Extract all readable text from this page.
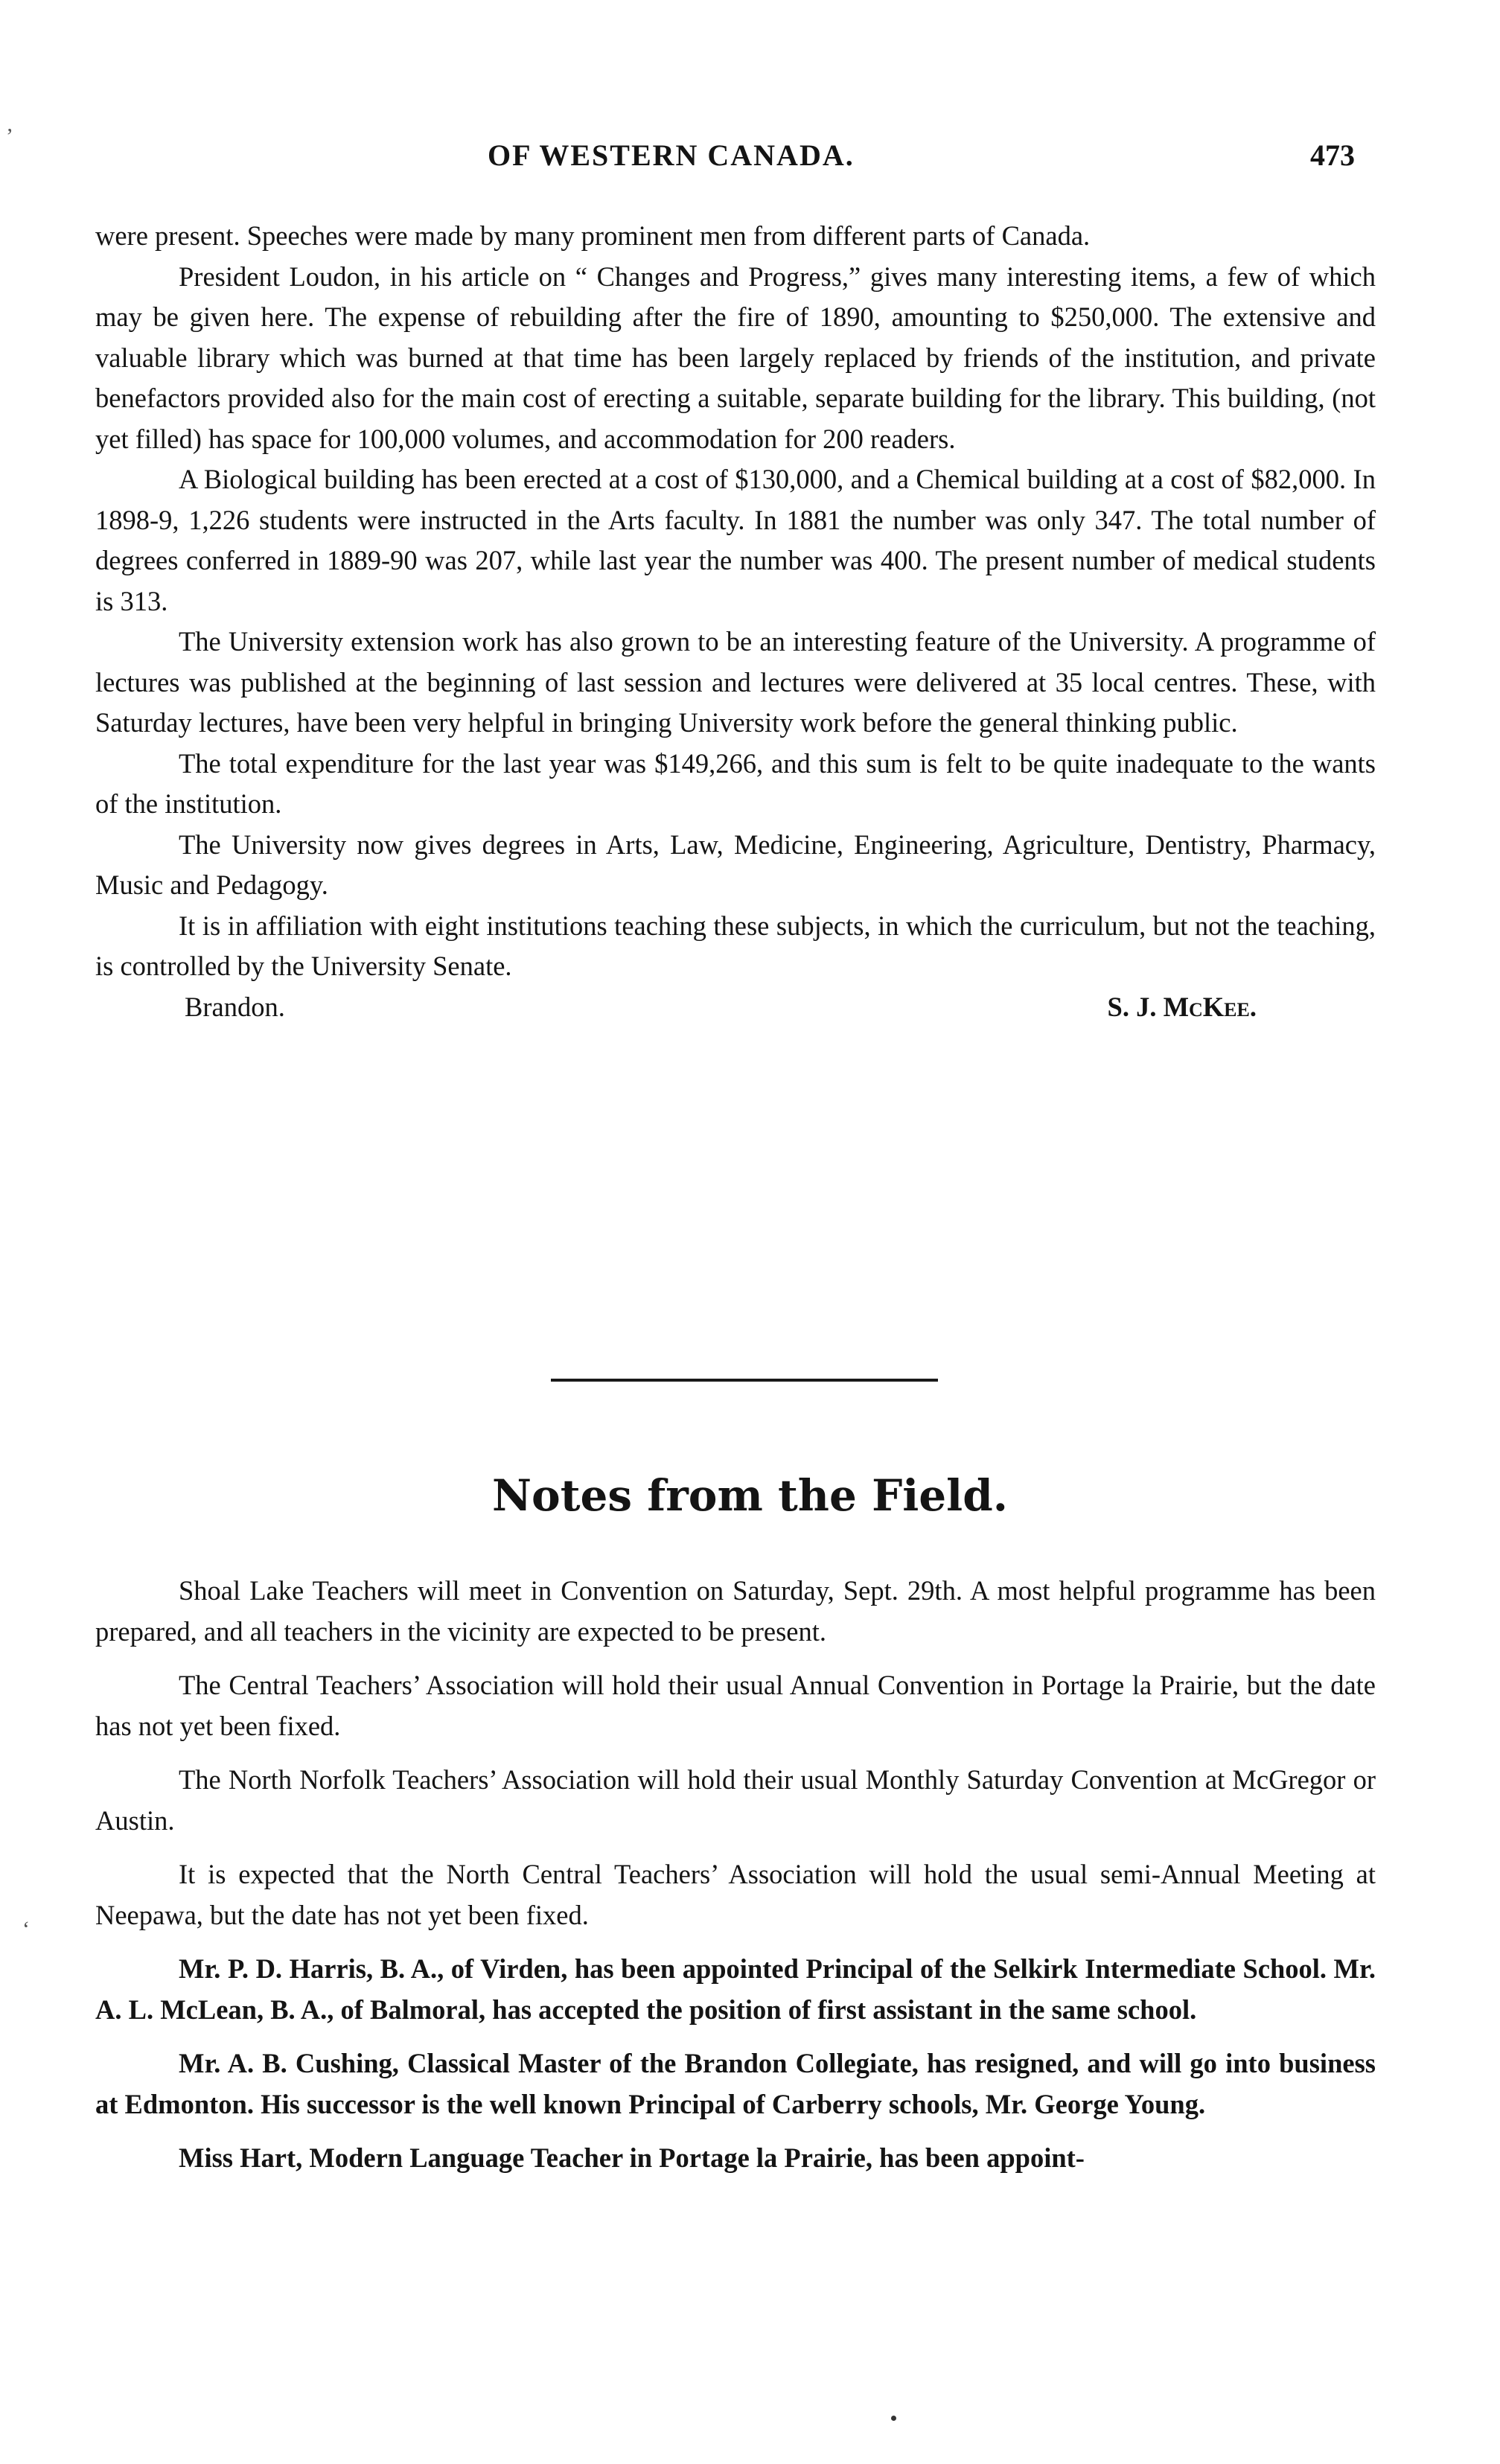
‚
‘
OF WESTERN CANADA.	473

were present. Speeches were made by many prominent men from different parts of Canada.

President Loudon, in his article on “ Changes and Progress,” gives many interesting items, a few of which may be given here. The expense of rebuilding after the fire of 1890, amounting to $250,000. The extensive and valuable library which was burned at that time has been largely replaced by friends of the institution, and private benefactors provided also for the main cost of erecting a suitable, separate building for the library. This building, (not yet filled) has space for 100,000 volumes, and accommodation for 200 readers.

A Biological building has been erected at a cost of $130,000, and a Chemical building at a cost of $82,000. In 1898-9, 1,226 students were instructed in the Arts faculty. In 1881 the number was only 347. The total number of degrees conferred in 1889-90 was 207, while last year the number was 400. The present number of medical students is 313.

The University extension work has also grown to be an interesting feature of the University. A programme of lectures was published at the beginning of last session and lectures were delivered at 35 local centres. These, with Saturday lectures, have been very helpful in bringing University work before the general thinking public.

The total expenditure for the last year was $149,266, and this sum is felt to be quite inadequate to the wants of the institution.

The University now gives degrees in Arts, Law, Medicine, Engineering, Agriculture, Dentistry, Pharmacy, Music and Pedagogy.

It is in affiliation with eight institutions teaching these subjects, in which the curriculum, but not the teaching, is controlled by the University Senate.

Brandon.	S. J. McKee.
Notes from the Field.

Shoal Lake Teachers will meet in Convention on Saturday, Sept. 29th. A most helpful programme has been prepared, and all teachers in the vicinity are expected to be present.

The Central Teachers’ Association will hold their usual Annual Convention in Portage la Prairie, but the date has not yet been fixed.

The North Norfolk Teachers’ Association will hold their usual Monthly Saturday Convention at McGregor or Austin.

It is expected that the North Central Teachers’ Association will hold the usual semi-Annual Meeting at Neepawa, but the date has not yet been fixed.

Mr. P. D. Harris, B. A., of Virden, has been appointed Principal of the Selkirk Intermediate School. Mr. A. L. McLean, B. A., of Balmoral, has accepted the position of first assistant in the same school.

Mr. A. B. Cushing, Classical Master of the Brandon Collegiate, has resigned, and will go into business at Edmonton. His successor is the well known Principal of Carberry schools, Mr. George Young.

Miss Hart, Modern Language Teacher in Portage la Prairie, has been appoint-
